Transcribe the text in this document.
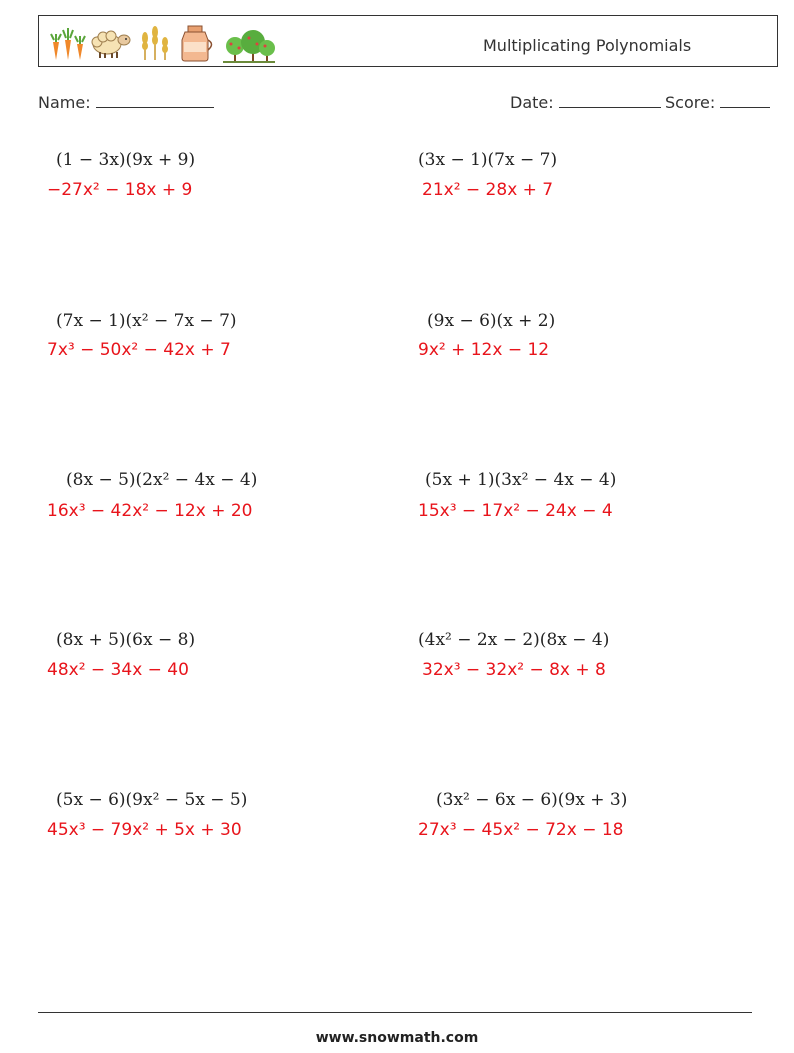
Multiplicating Polynomials
Name:	Date:	Score:
(1 − 3x)(9x + 9)
−27x² − 18x + 9
(3x − 1)(7x − 7)
21x² − 28x + 7
(7x − 1)(x² − 7x − 7)
7x³ − 50x² − 42x + 7
(9x − 6)(x + 2)
9x² + 12x − 12
(8x − 5)(2x² − 4x − 4)
16x³ − 42x² − 12x + 20
(5x + 1)(3x² − 4x − 4)
15x³ − 17x² − 24x − 4
(8x + 5)(6x − 8)
48x² − 34x − 40
(4x² − 2x − 2)(8x − 4)
32x³ − 32x² − 8x + 8
(5x − 6)(9x² − 5x − 5)
45x³ − 79x² + 5x + 30
(3x² − 6x − 6)(9x + 3)
27x³ − 45x² − 72x − 18
www.snowmath.com
